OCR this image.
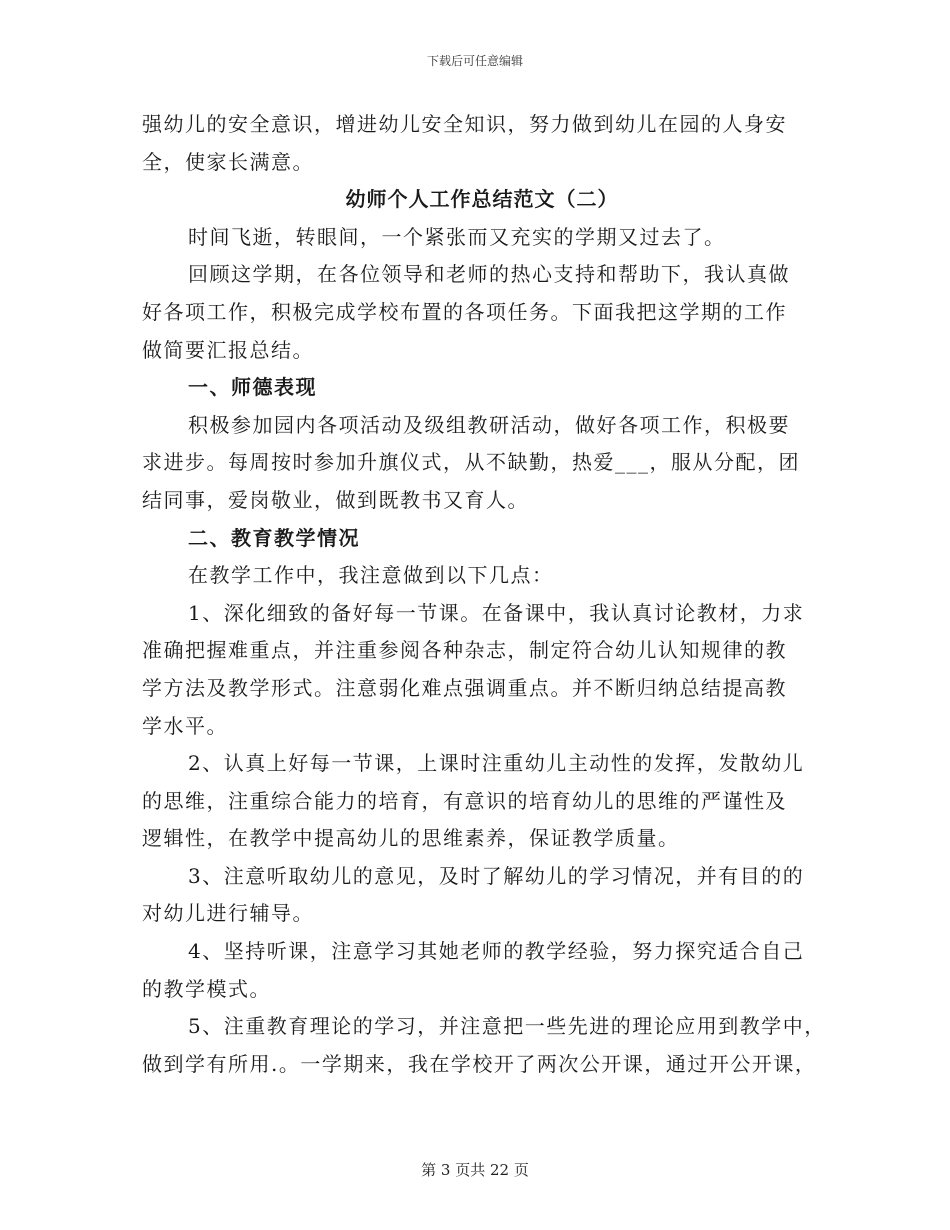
下载后可任意编辑
强幼儿的安全意识，增进幼儿安全知识，努力做到幼儿在园的人身安
全，使家长满意。
幼师个人工作总结范文（二）
时间飞逝，转眼间，一个紧张而又充实的学期又过去了。
回顾这学期，在各位领导和老师的热心支持和帮助下，我认真做
好各项工作，积极完成学校布置的各项任务。下面我把这学期的工作
做简要汇报总结。
一、师德表现
积极参加园内各项活动及级组教研活动，做好各项工作，积极要
求进步。每周按时参加升旗仪式，从不缺勤，热爱___，服从分配，团
结同事，爱岗敬业，做到既教书又育人。
二、教育教学情况
在教学工作中，我注意做到以下几点：
1、深化细致的备好每一节课。在备课中，我认真讨论教材，力求
准确把握难重点，并注重参阅各种杂志，制定符合幼儿认知规律的教
学方法及教学形式。注意弱化难点强调重点。并不断归纳总结提高教
学水平。
2、认真上好每一节课，上课时注重幼儿主动性的发挥，发散幼儿
的思维，注重综合能力的培育，有意识的培育幼儿的思维的严谨性及
逻辑性，在教学中提高幼儿的思维素养，保证教学质量。
3、注意听取幼儿的意见，及时了解幼儿的学习情况，并有目的的
对幼儿进行辅导。
4、坚持听课，注意学习其她老师的教学经验，努力探究适合自己
的教学模式。
5、注重教育理论的学习，并注意把一些先进的理论应用到教学中，
做到学有所用.。一学期来，我在学校开了两次公开课，通过开公开课，
第 3 页共 22 页
